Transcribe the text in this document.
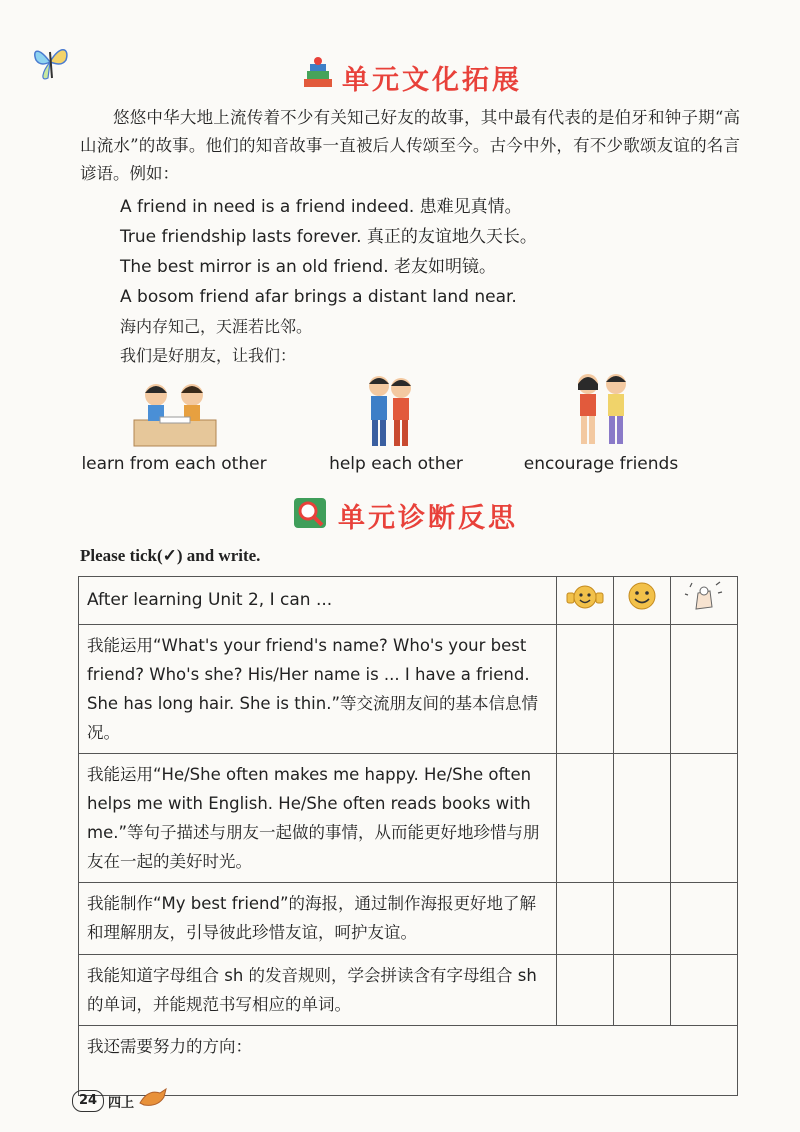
单元文化拓展

悠悠中华大地上流传着不少有关知己好友的故事，其中最有代表的是伯牙和钟子期“高山流水”的故事。他们的知音故事一直被后人传颂至今。古今中外，有不少歌颂友谊的名言谚语。例如：

A friend in need is a friend indeed. 患难见真情。
True friendship lasts forever. 真正的友谊地久天长。
The best mirror is an old friend. 老友如明镜。
A bosom friend afar brings a distant land near.
海内存知己，天涯若比邻。
我们是好朋友，让我们：
learn from each other	help each other	encourage friends
单元诊断反思
Please tick(✓) and write.
After learning Unit 2, I can ...			
我能运用“What's your friend's name? Who's your best friend? Who's she? His/Her name is ... I have a friend. She has long hair. She is thin.”等交流朋友间的基本信息情况。			
我能运用“He/She often makes me happy. He/She often helps me with English. He/She often reads books with me.”等句子描述与朋友一起做的事情，从而能更好地珍惜与朋友在一起的美好时光。			
我能制作“My best friend”的海报，通过制作海报更好地了解和理解朋友，引导彼此珍惜友谊，呵护友谊。			
我能知道字母组合 sh 的发音规则，学会拼读含有字母组合 sh 的单词，并能规范书写相应的单词。			
我还需要努力的方向：			
24 四上
